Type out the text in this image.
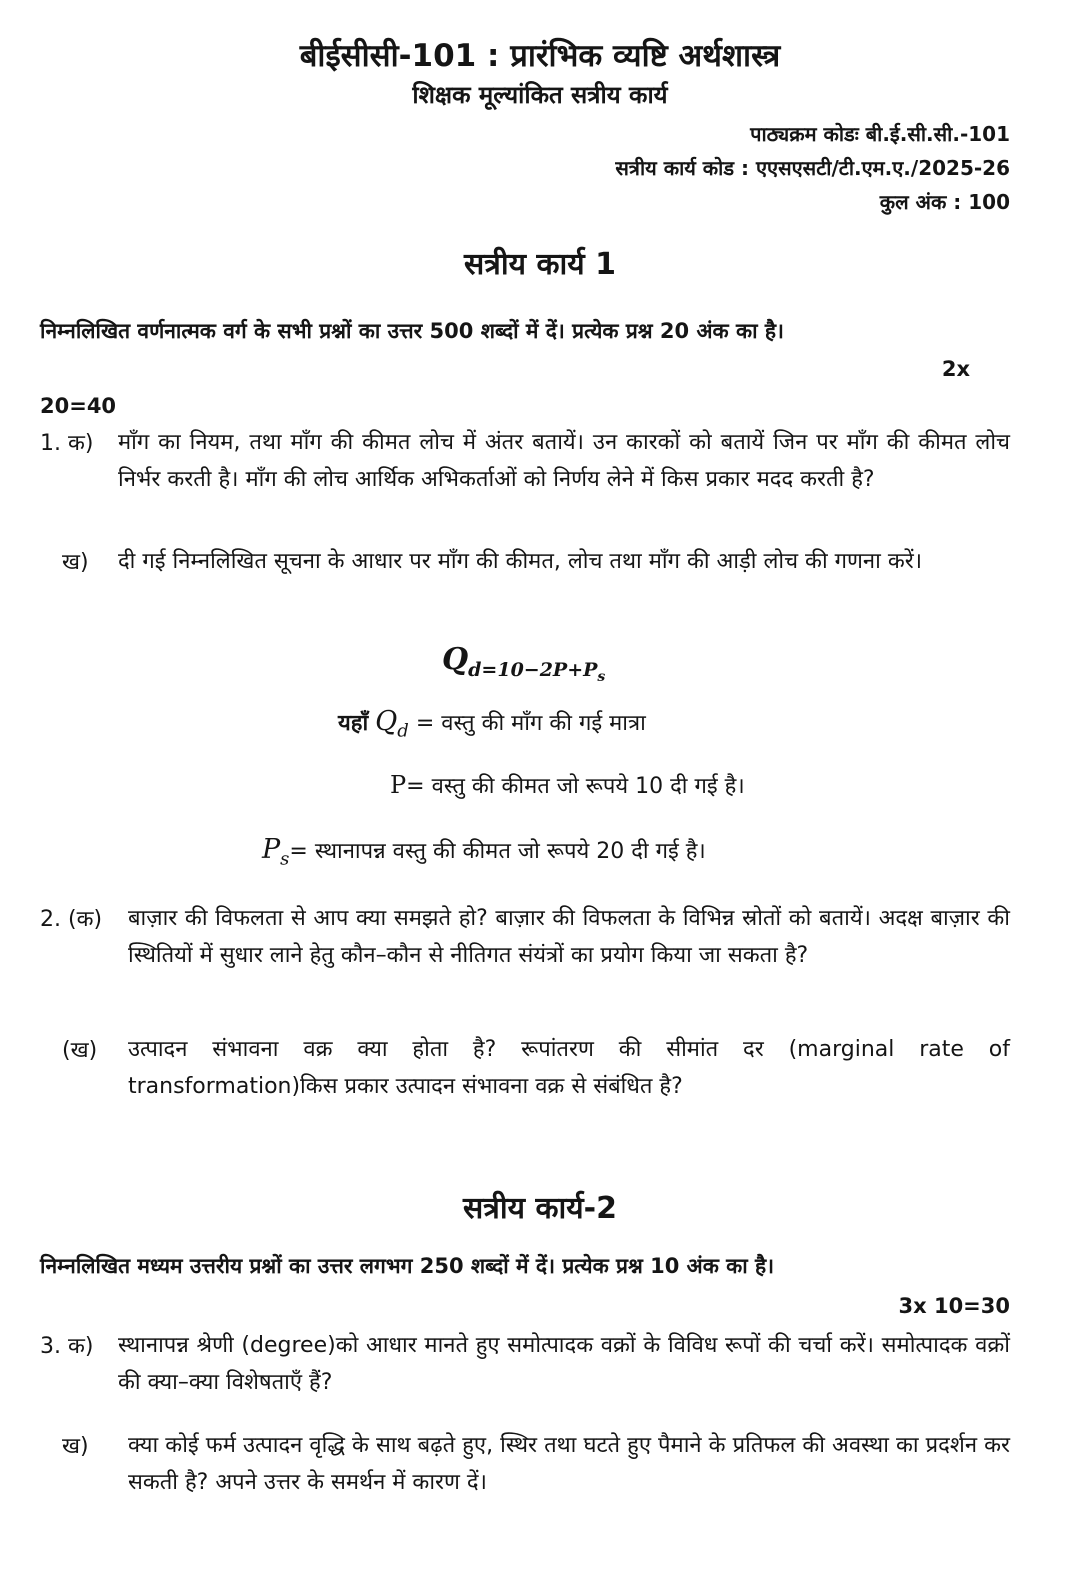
बीईसीसी-101 : प्रारंभिक व्यष्टि अर्थशास्त्र
शिक्षक मूल्यांकित सत्रीय कार्य
पाठ्यक्रम कोडः बी.ई.सी.सी.-101
सत्रीय कार्य कोड : एएसएसटी/टी.एम.ए./2025-26
कुल अंक : 100
सत्रीय कार्य 1
निम्नलिखित वर्णनात्मक वर्ग के सभी प्रश्नों का उत्तर 500 शब्दों में दें। प्रत्येक प्रश्न 20 अंक का है।
2x
20=40
1. क) माँग का नियम, तथा माँग की कीमत लोच में अंतर बतायें। उन कारकों को बतायें जिन पर माँग की कीमत लोच निर्भर करती है। माँग की लोच आर्थिक अभिकर्ताओं को निर्णय लेने में किस प्रकार मदद करती है?
ख) दी गई निम्नलिखित सूचना के आधार पर माँग की कीमत, लोच तथा माँग की आड़ी लोच की गणना करें।
$Q_{d=10-2P+P_s}$
यहाँ $Q_d$ = वस्तु की माँग की गई मात्रा
P= वस्तु की कीमत जो रूपये 10 दी गई है।
$P_s=$ स्थानापन्न वस्तु की कीमत जो रूपये 20 दी गई है।
2. (क) बाज़ार की विफलता से आप क्या समझते हो? बाज़ार की विफलता के विभिन्न स्रोतों को बतायें। अदक्ष बाज़ार की स्थितियों में सुधार लाने हेतु कौन–कौन से नीतिगत संयंत्रों का प्रयोग किया जा सकता है?
(ख) उत्पादन संभावना वक्र क्या होता है? रूपांतरण की सीमांत दर (marginal rate of transformation)किस प्रकार उत्पादन संभावना वक्र से संबंधित है?
सत्रीय कार्य-2
निम्नलिखित मध्यम उत्तरीय प्रश्नों का उत्तर लगभग 250 शब्दों में दें। प्रत्येक प्रश्न 10 अंक का है।
3x 10=30
3. क) स्थानापन्न श्रेणी (degree)को आधार मानते हुए समोत्पादक वक्रों के विविध रूपों की चर्चा करें। समोत्पादक वक्रों की क्या–क्या विशेषताएँ हैं?
ख) क्या कोई फर्म उत्पादन वृद्धि के साथ बढ़ते हुए, स्थिर तथा घटते हुए पैमाने के प्रतिफल की अवस्था का प्रदर्शन कर सकती है? अपने उत्तर के समर्थन में कारण दें।
